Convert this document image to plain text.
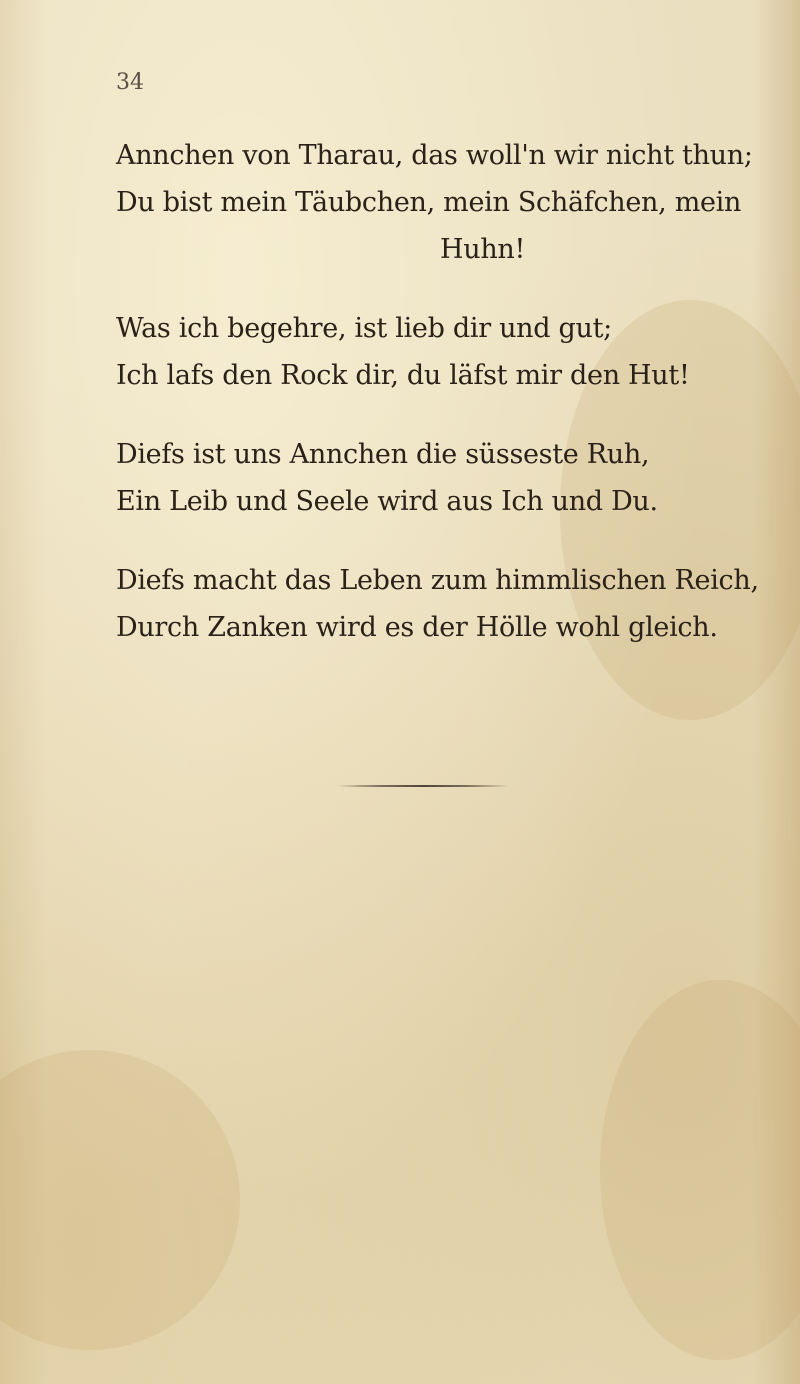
34
Annchen von Tharau, das woll'n wir nicht thun;
Du bist mein Täubchen, mein Schäfchen, mein
Huhn!
Was ich begehre, ist lieb dir und gut;
Ich lafs den Rock dir, du läfst mir den Hut!
Diefs ist uns Annchen die süsseste Ruh,
Ein Leib und Seele wird aus Ich und Du.
Diefs macht das Leben zum himmlischen Reich,
Durch Zanken wird es der Hölle wohl gleich.
